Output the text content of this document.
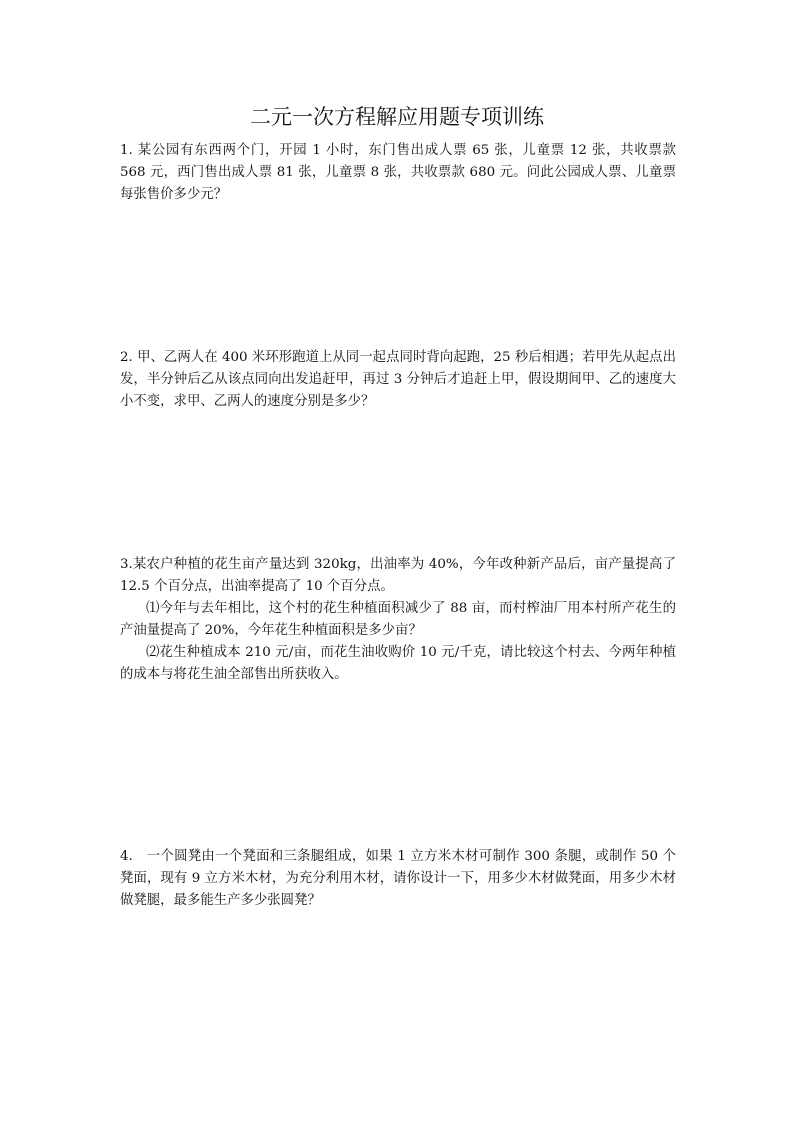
二元一次方程解应用题专项训练

1. 某公园有东西两个门，开园 1 小时，东门售出成人票 65 张，儿童票 12 张，共收票款 568 元，西门售出成人票 81 张，儿童票 8 张，共收票款 680 元。问此公园成人票、儿童票每张售价多少元？

2. 甲、乙两人在 400 米环形跑道上从同一起点同时背向起跑，25 秒后相遇；若甲先从起点出发，半分钟后乙从该点同向出发追赶甲，再过 3 分钟后才追赶上甲，假设期间甲、乙的速度大小不变，求甲、乙两人的速度分别是多少？

3.某农户种植的花生亩产量达到 320kg，出油率为 40%，今年改种新产品后，亩产量提高了 12.5 个百分点，出油率提高了 10 个百分点。
⑴今年与去年相比，这个村的花生种植面积减少了 88 亩，而村榨油厂用本村所产花生的产油量提高了 20%，今年花生种植面积是多少亩？
⑵花生种植成本 210 元/亩，而花生油收购价 10 元/千克，请比较这个村去、今两年种植的成本与将花生油全部售出所获收入。

4.　一个圆凳由一个凳面和三条腿组成，如果 1 立方米木材可制作 300 条腿，或制作 50 个凳面，现有 9 立方米木材，为充分利用木材，请你设计一下，用多少木材做凳面，用多少木材做凳腿，最多能生产多少张圆凳？
